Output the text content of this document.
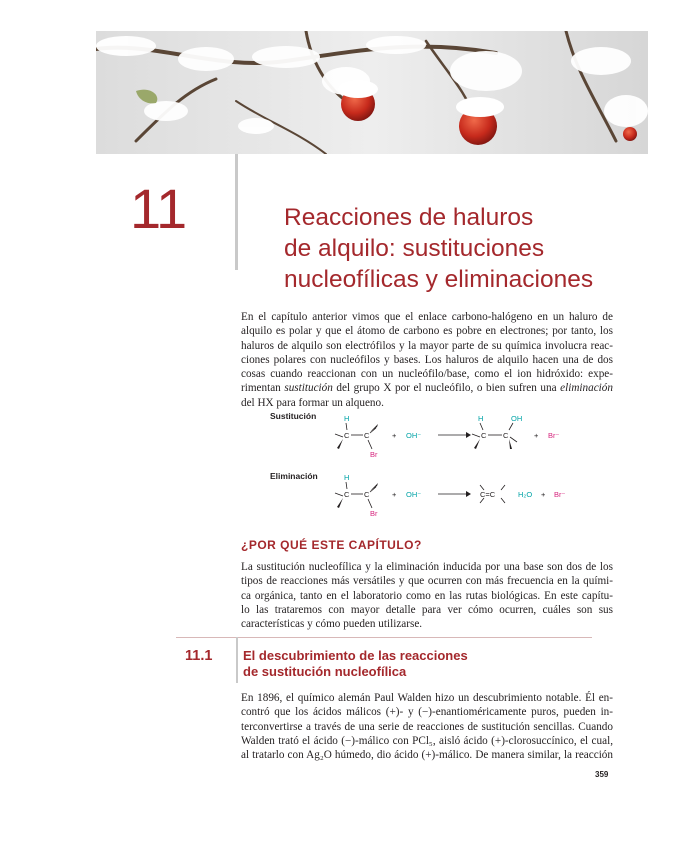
11	Reacciones de haluros
de alquilo: sustituciones
nucleofílicas y eliminaciones
En el capítulo anterior vimos que el enlace carbono-halógeno en un haluro de
alquilo es polar y que el átomo de carbono es pobre en electrones; por tanto, los
haluros de alquilo son electrófilos y la mayor parte de su química involucra reac-
ciones polares con nucleófilos y bases. Los haluros de alquilo hacen una de dos
cosas cuando reaccionan con un nucleófilo/base, como el ion hidróxido: expe-
rimentan sustitución del grupo X por el nucleófilo, o bien sufren una eliminación
del HX para formar un alqueno.
Sustitución	H
C C
Br
+ OH⁻
H	OH
C C	+ Br⁻
Eliminación	H
C C
Br
+ OH⁻	C=C	H₂O + Br⁻
¿POR QUÉ ESTE CAPÍTULO?
La sustitución nucleofílica y la eliminación inducida por una base son dos de los
tipos de reacciones más versátiles y que ocurren con más frecuencia en la quími-
ca orgánica, tanto en el laboratorio como en las rutas biológicas. En este capítu-
lo las trataremos con mayor detalle para ver cómo ocurren, cuáles son sus
características y cómo pueden utilizarse.
11.1 El descubrimiento de las reacciones
de sustitución nucleofílica
En 1896, el químico alemán Paul Walden hizo un descubrimiento notable. Él en-
contró que los ácidos málicos (+)- y (−)-enantioméricamente puros, pueden in-
terconvertirse a través de una serie de reacciones de sustitución sencillas. Cuando
Walden trató el ácido (−)-málico con PCl₅, aisló ácido (+)-clorosuccínico, el cual,
al tratarlo con Ag₂O húmedo, dio ácido (+)-málico. De manera similar, la reacción
359
